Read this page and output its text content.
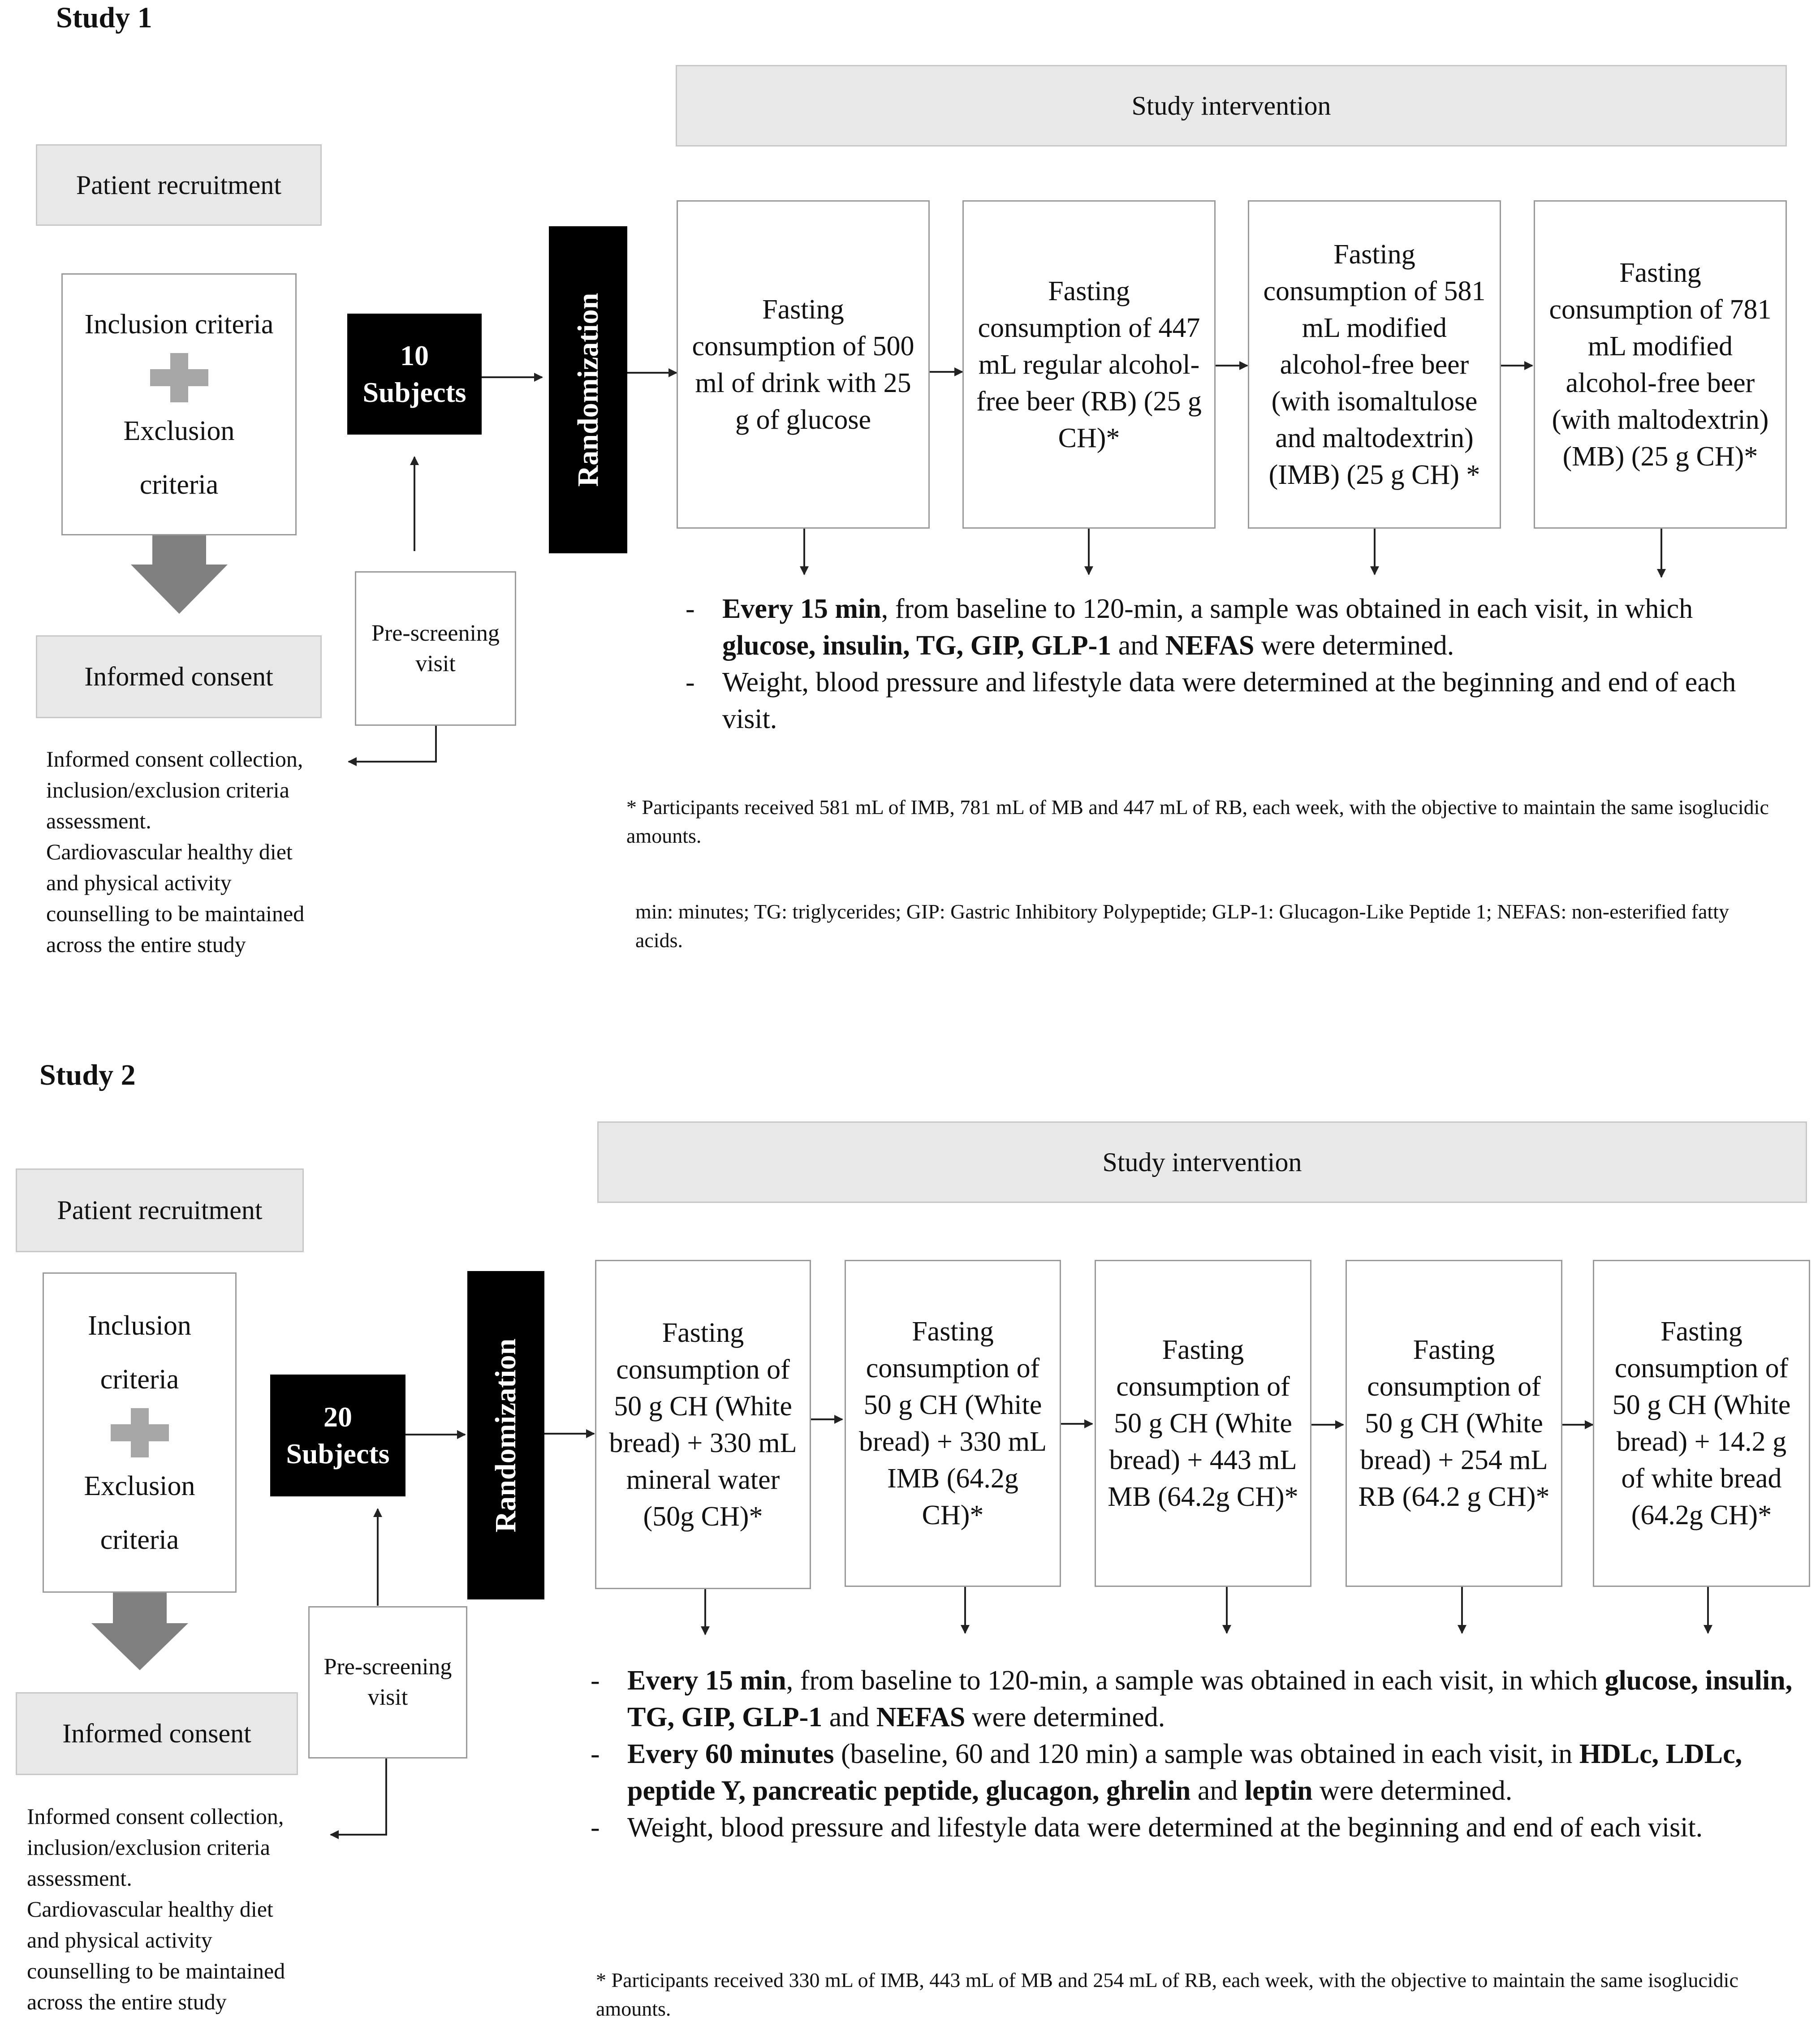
Study 1
Study intervention
Patient recruitment
Inclusion criteria
Exclusion
criteria
10
Subjects	Randomization
Pre-screening visit
Informed consent
Informed consent collection,
inclusion/exclusion criteria
assessment.
Cardiovascular healthy diet
and physical activity
counselling to be maintained
across the entire study
Fasting consumption of 500 ml of drink with 25 g of glucose
Fasting consumption of 447 mL regular alcohol-free beer (RB) (25 g CH)*
Fasting consumption of 581 mL modified alcohol-free beer (with isomaltulose and maltodextrin) (IMB) (25 g CH) *
Fasting consumption of 781 mL modified alcohol-free beer (with maltodextrin) (MB) (25 g CH)*
- Every 15 min, from baseline to 120-min, a sample was obtained in each visit, in which glucose, insulin, TG, GIP, GLP-1 and NEFAS were determined.
- Weight, blood pressure and lifestyle data were determined at the beginning and end of each visit.
* Participants received 581 mL of IMB, 781 mL of MB and 447 mL of RB, each week, with the objective to maintain the same isoglucidic amounts.
min: minutes; TG: triglycerides; GIP: Gastric Inhibitory Polypeptide; GLP-1: Glucagon-Like Peptide 1; NEFAS: non-esterified fatty acids.
Study 2
Study intervention
Patient recruitment
Inclusion
criteria
Exclusion
criteria
20
Subjects	Randomization
Pre-screening visit
Informed consent
Informed consent collection,
inclusion/exclusion criteria
assessment.
Cardiovascular healthy diet
and physical activity
counselling to be maintained
across the entire study
Fasting consumption of 50 g CH (White bread) + 330 mL mineral water (50g CH)*
Fasting consumption of 50 g CH (White bread) + 330 mL IMB (64.2g CH)*
Fasting consumption of 50 g CH (White bread) + 443 mL MB (64.2g CH)*
Fasting consumption of 50 g CH (White bread) + 254 mL RB (64.2 g CH)*
Fasting consumption of 50 g CH (White bread) + 14.2 g of white bread (64.2g CH)*
- Every 15 min, from baseline to 120-min, a sample was obtained in each visit, in which glucose, insulin, TG, GIP, GLP-1 and NEFAS were determined.
- Every 60 minutes (baseline, 60 and 120 min) a sample was obtained in each visit, in HDLc, LDLc, peptide Y, pancreatic peptide, glucagon, ghrelin and leptin were determined.
- Weight, blood pressure and lifestyle data were determined at the beginning and end of each visit.
* Participants received 330 mL of IMB, 443 mL of MB and 254 mL of RB, each week, with the objective to maintain the same isoglucidic amounts.
